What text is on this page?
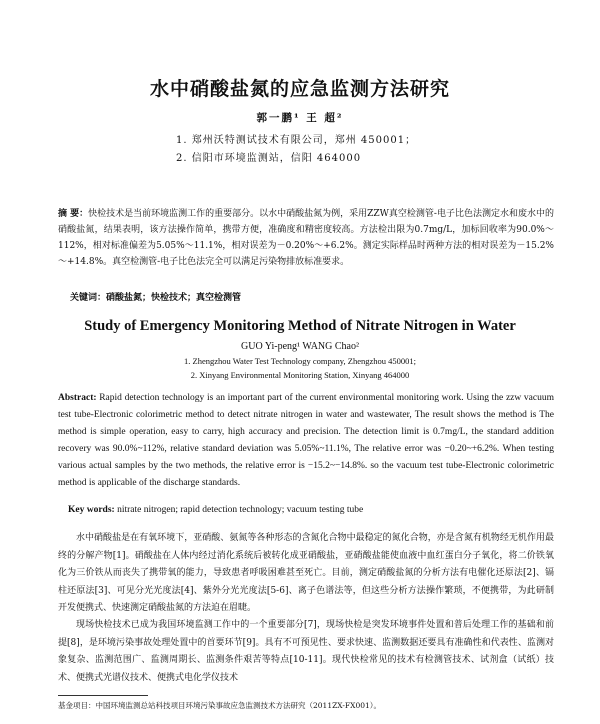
水中硝酸盐氮的应急监测方法研究
郭一鹏¹ 王 超²
1. 郑州沃特测试技术有限公司，郑州 450001；
2. 信阳市环境监测站，信阳 464000
摘 要：快检技术是当前环境监测工作的重要部分。以水中硝酸盐氮为例，采用ZZW真空检测管-电子比色法测定水和废水中的硝酸盐氮，结果表明，该方法操作简单，携带方便，准确度和精密度较高。方法检出限为0.7mg/L，加标回收率为90.0%～112%，相对标准偏差为5.05%～11.1%，相对误差为－0.20%～+6.2%。测定实际样品时两种方法的相对误差为－15.2%～+14.8%。真空检测管-电子比色法完全可以满足污染物排放标准要求。
关键词：硝酸盐氮；快检技术；真空检测管
Study of Emergency Monitoring Method of Nitrate Nitrogen in Water
GUO Yi-peng¹ WANG Chao²
1. Zhengzhou Water Test Technology company, Zhengzhou 450001;
2. Xinyang Environmental Monitoring Station, Xinyang 464000
Abstract: Rapid detection technology is an important part of the current environmental monitoring work. Using the zzw vacuum test tube-Electronic colorimetric method to detect nitrate nitrogen in water and wastewater, The result shows the method is The method is simple operation, easy to carry, high accuracy and precision. The detection limit is 0.7mg/L, the standard addition recovery was 90.0%~112%, relative standard deviation was 5.05%~11.1%, The relative error was −0.20~+6.2%. When testing various actual samples by the two methods, the relative error is −15.2~−14.8%. so the vacuum test tube-Electronic colorimetric method is applicable of the discharge standards.
Key words: nitrate nitrogen; rapid detection technology; vacuum testing tube
水中硝酸盐是在有氧环境下，亚硝酸、氨氮等各种形态的含氮化合物中最稳定的氮化合物，亦是含氮有机物经无机作用最终的分解产物[1]。硝酸盐在人体内经过消化系统后被转化成亚硝酸盐，亚硝酸盐能使血液中血红蛋白分子氧化，将二价铁氧化为三价铁从而丧失了携带氧的能力，导致患者呼吸困难甚至死亡。目前，测定硝酸盐氮的分析方法有电催化还原法[2]、镉柱还原法[3]、可见分光光度法[4]、紫外分光光度法[5-6]、离子色谱法等，但这些分析方法操作繁琐，不便携带，为此研制开发便携式、快速测定硝酸盐氮的方法迫在眉睫。
现场快检技术已成为我国环境监测工作中的一个重要部分[7]，现场快检是突发环境事件处置和普后处理工作的基础和前提[8]，是环境污染事故处理处置中的首要环节[9]。具有不可预见性、要求快速、监测数据还要具有准确性和代表性、监测对象复杂、监测范围广、监测周期长、监测条件艰苦等特点[10-11]。现代快检常见的技术有检测管技术、试剂盒（试纸）技术、便携式光谱仪技术、便携式电化学仪技术
基金项目：中国环境监测总站科技项目环境污染事故应急监测技术方法研究（2011ZX-FX001）。
